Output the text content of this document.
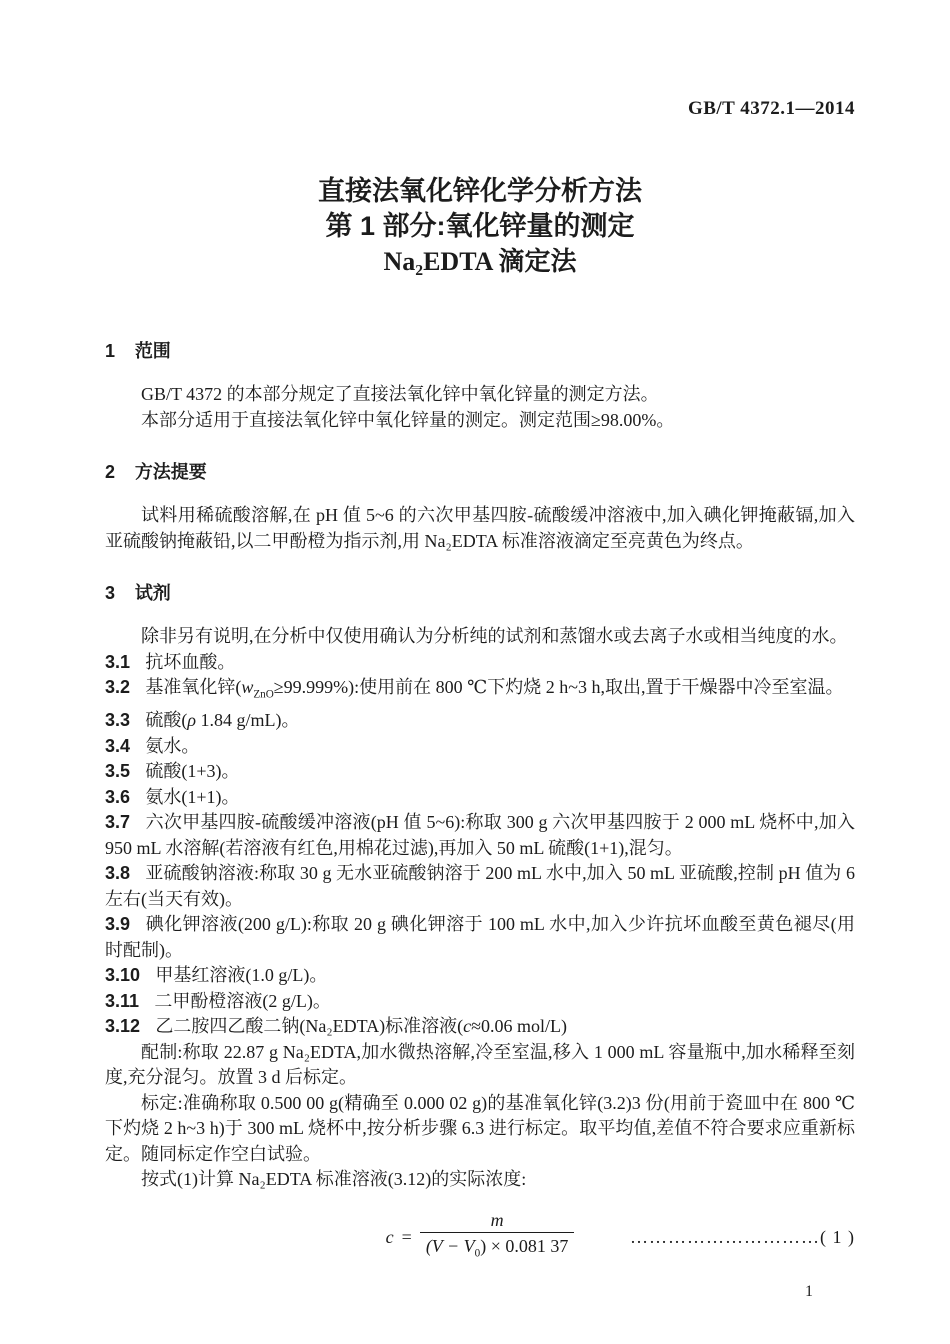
GB/T 4372.1—2014
直接法氧化锌化学分析方法
第 1 部分:氧化锌量的测定
Na₂EDTA 滴定法
1 范围

GB/T 4372 的本部分规定了直接法氧化锌中氧化锌量的测定方法。

本部分适用于直接法氧化锌中氧化锌量的测定。测定范围≥98.00%。

2 方法提要

试料用稀硫酸溶解,在 pH 值 5~6 的六次甲基四胺-硫酸缓冲溶液中,加入碘化钾掩蔽镉,加入亚硫酸钠掩蔽铅,以二甲酚橙为指示剂,用 Na₂EDTA 标准溶液滴定至亮黄色为终点。

3 试剂

除非另有说明,在分析中仅使用确认为分析纯的试剂和蒸馏水或去离子水或相当纯度的水。

3.1 抗坏血酸。

3.2 基准氧化锌$(w_{ZnO}\ge 99.999\%)$:使用前在 800 ℃下灼烧 2 h~3 h,取出,置于干燥器中冷至室温。

3.3 硫酸(ρ 1.84 g/mL)。

3.4 氨水。

3.5 硫酸(1+3)。

3.6 氨水(1+1)。

3.7 六次甲基四胺-硫酸缓冲溶液(pH 值 5~6):称取 300 g 六次甲基四胺于 2 000 mL 烧杯中,加入 950 mL 水溶解(若溶液有红色,用棉花过滤),再加入 50 mL 硫酸(1+1),混匀。

3.8 亚硫酸钠溶液:称取 30 g 无水亚硫酸钠溶于 200 mL 水中,加入 50 mL 亚硫酸,控制 pH 值为 6 左右(当天有效)。

3.9 碘化钾溶液(200 g/L):称取 20 g 碘化钾溶于 100 mL 水中,加入少许抗坏血酸至黄色褪尽(用时配制)。

3.10 甲基红溶液(1.0 g/L)。

3.11 二甲酚橙溶液(2 g/L)。

3.12 乙二胺四乙酸二钠(Na₂EDTA)标准溶液(c≈0.06 mol/L)

配制:称取 22.87 g Na₂EDTA,加水微热溶解,冷至室温,移入 1 000 mL 容量瓶中,加水稀释至刻度,充分混匀。放置 3 d 后标定。

标定:准确称取 0.500 00 g(精确至 0.000 02 g)的基准氧化锌(3.2)3 份(用前于瓷皿中在 800 ℃下灼烧 2 h~3 h)于 300 mL 烧杯中,按分析步骤 6.3 进行标定。取平均值,差值不符合要求应重新标定。随同标定作空白试验。

按式(1)计算 Na₂EDTA 标准溶液(3.12)的实际浓度:

$c = \frac{m}{(V - V_0) \times 0.081 37}$	…………………………( 1 )
1
